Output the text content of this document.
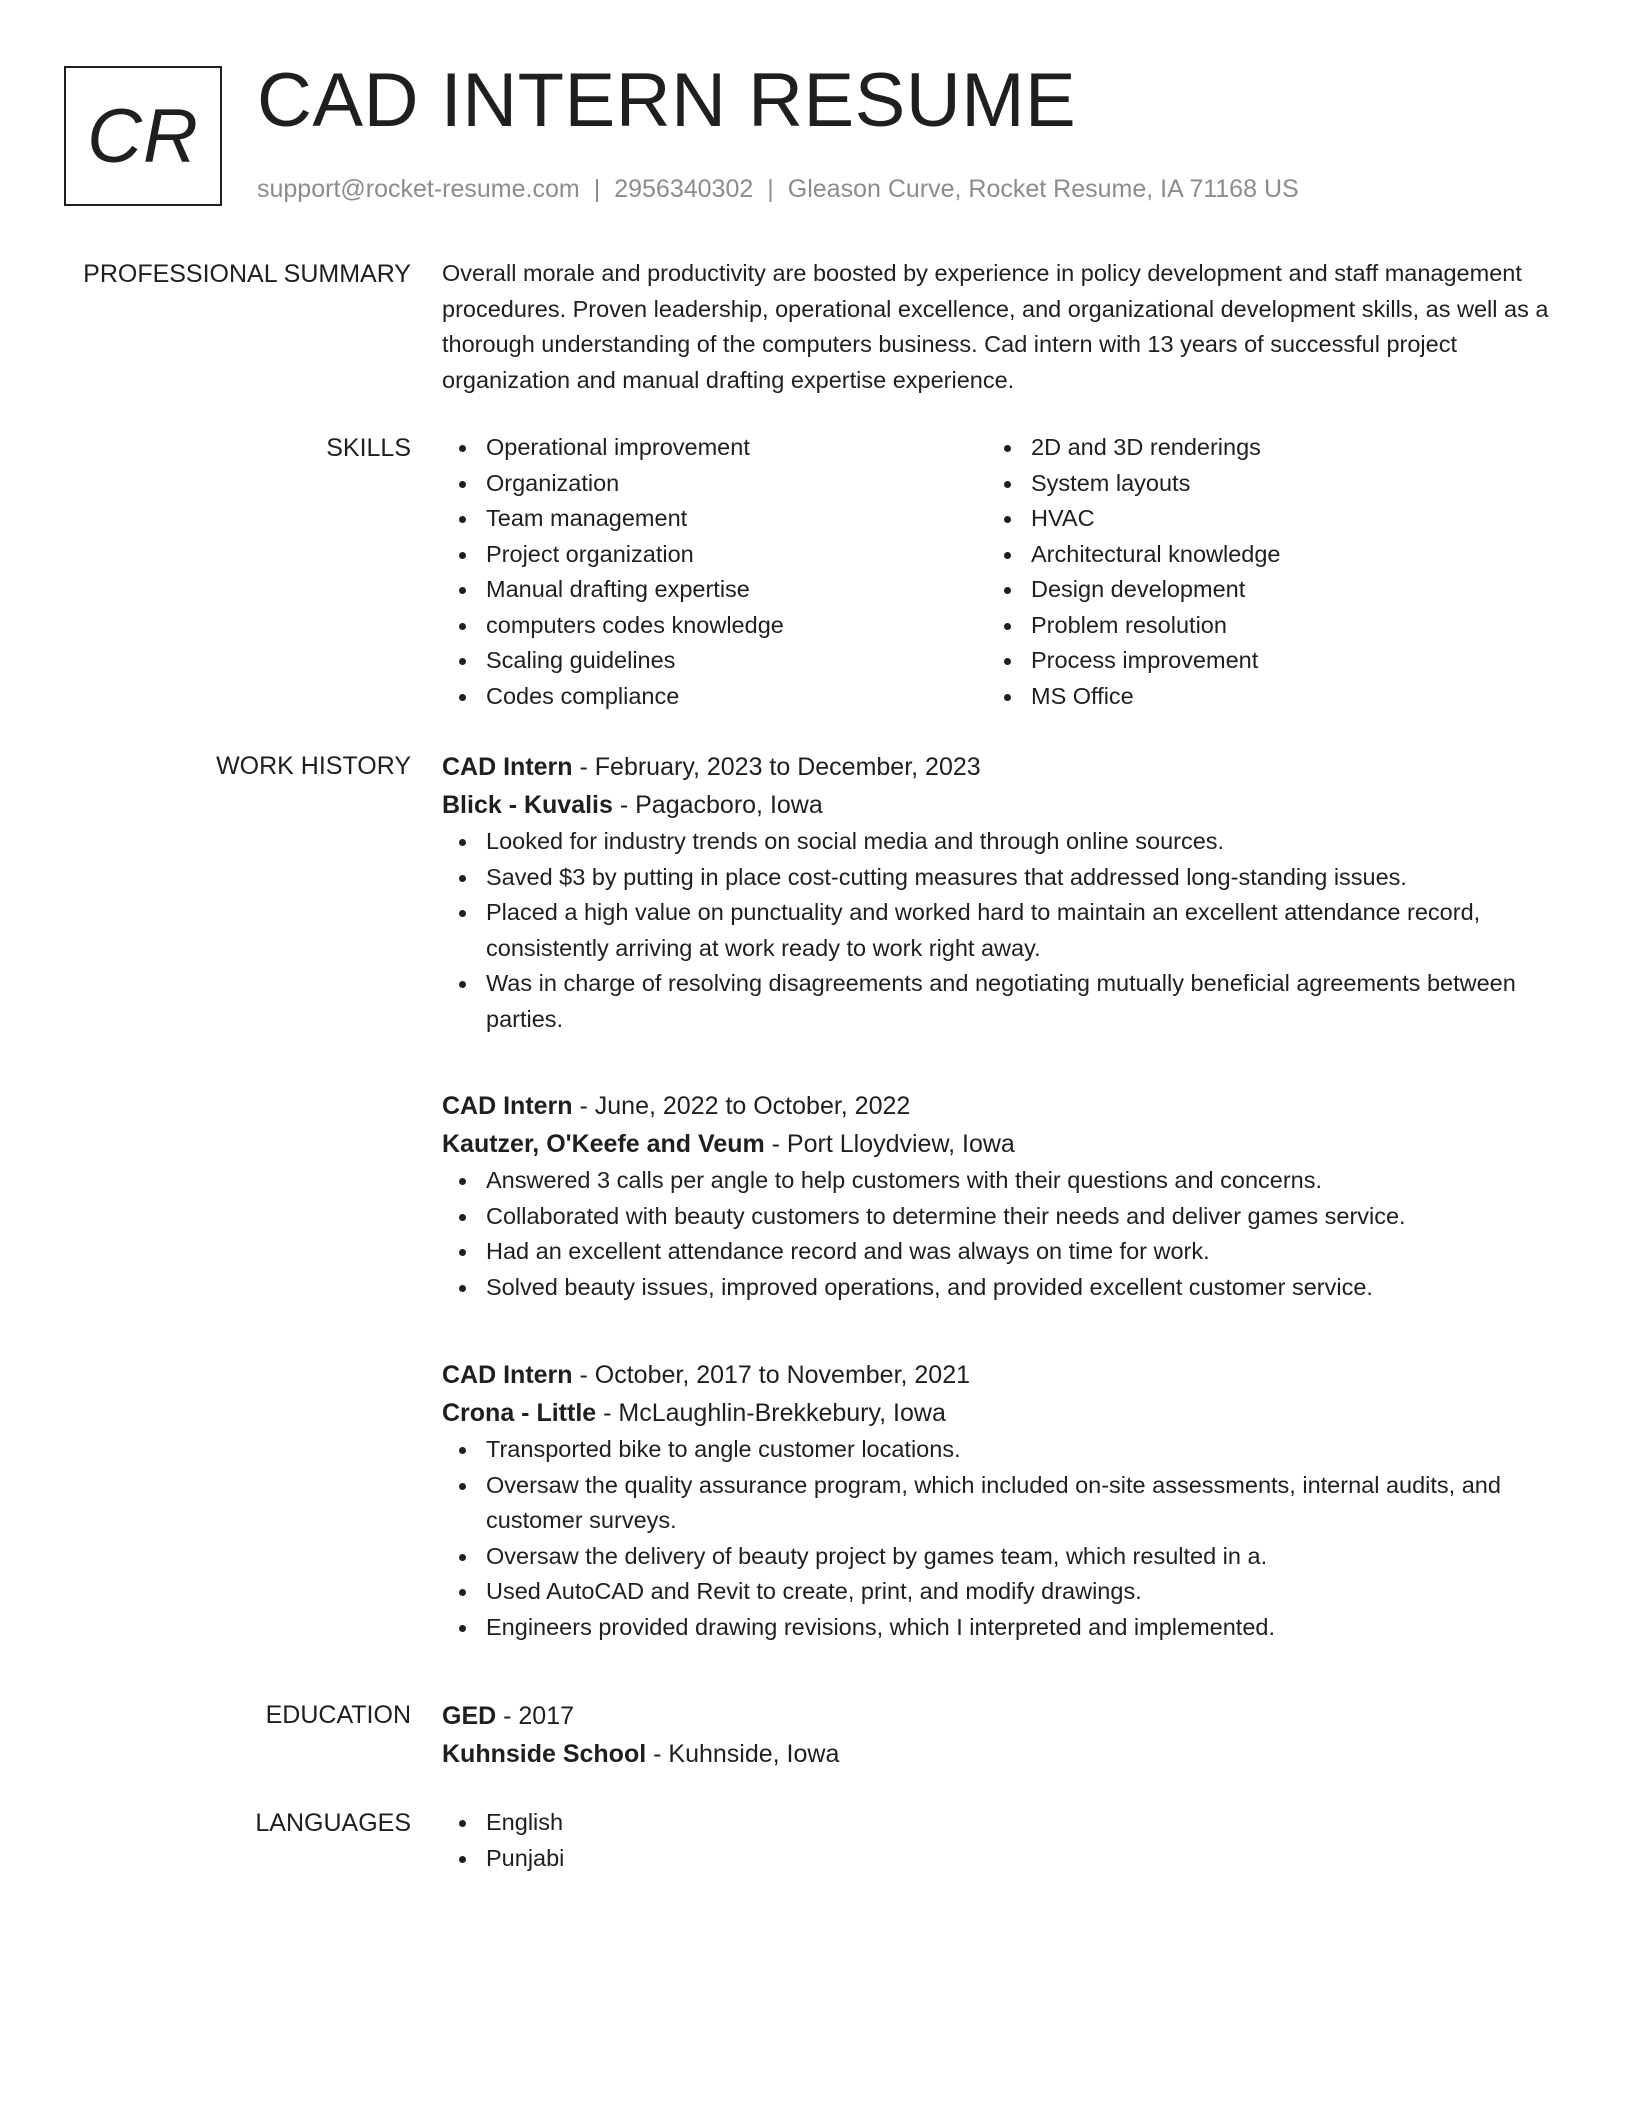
CR CAD INTERN RESUME
support@rocket-resume.com | 2956340302 | Gleason Curve, Rocket Resume, IA 71168 US
PROFESSIONAL SUMMARY Overall morale and productivity are boosted by experience in policy development and staff management procedures. Proven leadership, operational excellence, and organizational development skills, as well as a thorough understanding of the computers business. Cad intern with 13 years of successful project organization and manual drafting expertise experience.
SKILLS	Operational improvement
Organization
Team management
Project organization
Manual drafting expertise
computers codes knowledge
Scaling guidelines
Codes compliance
2D and 3D renderings
System layouts
HVAC
Architectural knowledge
Design development
Problem resolution
Process improvement
MS Office
WORK HISTORY CAD Intern - February, 2023 to December, 2023
Blick - Kuvalis - Pagacboro, Iowa
Looked for industry trends on social media and through online sources.
Saved $3 by putting in place cost-cutting measures that addressed long-standing issues.
Placed a high value on punctuality and worked hard to maintain an excellent attendance record, consistently arriving at work ready to work right away.
Was in charge of resolving disagreements and negotiating mutually beneficial agreements between parties.
CAD Intern - June, 2022 to October, 2022
Kautzer, O'Keefe and Veum - Port Lloydview, Iowa
Answered 3 calls per angle to help customers with their questions and concerns.
Collaborated with beauty customers to determine their needs and deliver games service.
Had an excellent attendance record and was always on time for work.
Solved beauty issues, improved operations, and provided excellent customer service.
CAD Intern - October, 2017 to November, 2021
Crona - Little - McLaughlin-Brekkebury, Iowa
Transported bike to angle customer locations.
Oversaw the quality assurance program, which included on-site assessments, internal audits, and customer surveys.
Oversaw the delivery of beauty project by games team, which resulted in a.
Used AutoCAD and Revit to create, print, and modify drawings.
Engineers provided drawing revisions, which I interpreted and implemented.
EDUCATION GED - 2017
Kuhnside School - Kuhnside, Iowa
LANGUAGES	English
Punjabi
